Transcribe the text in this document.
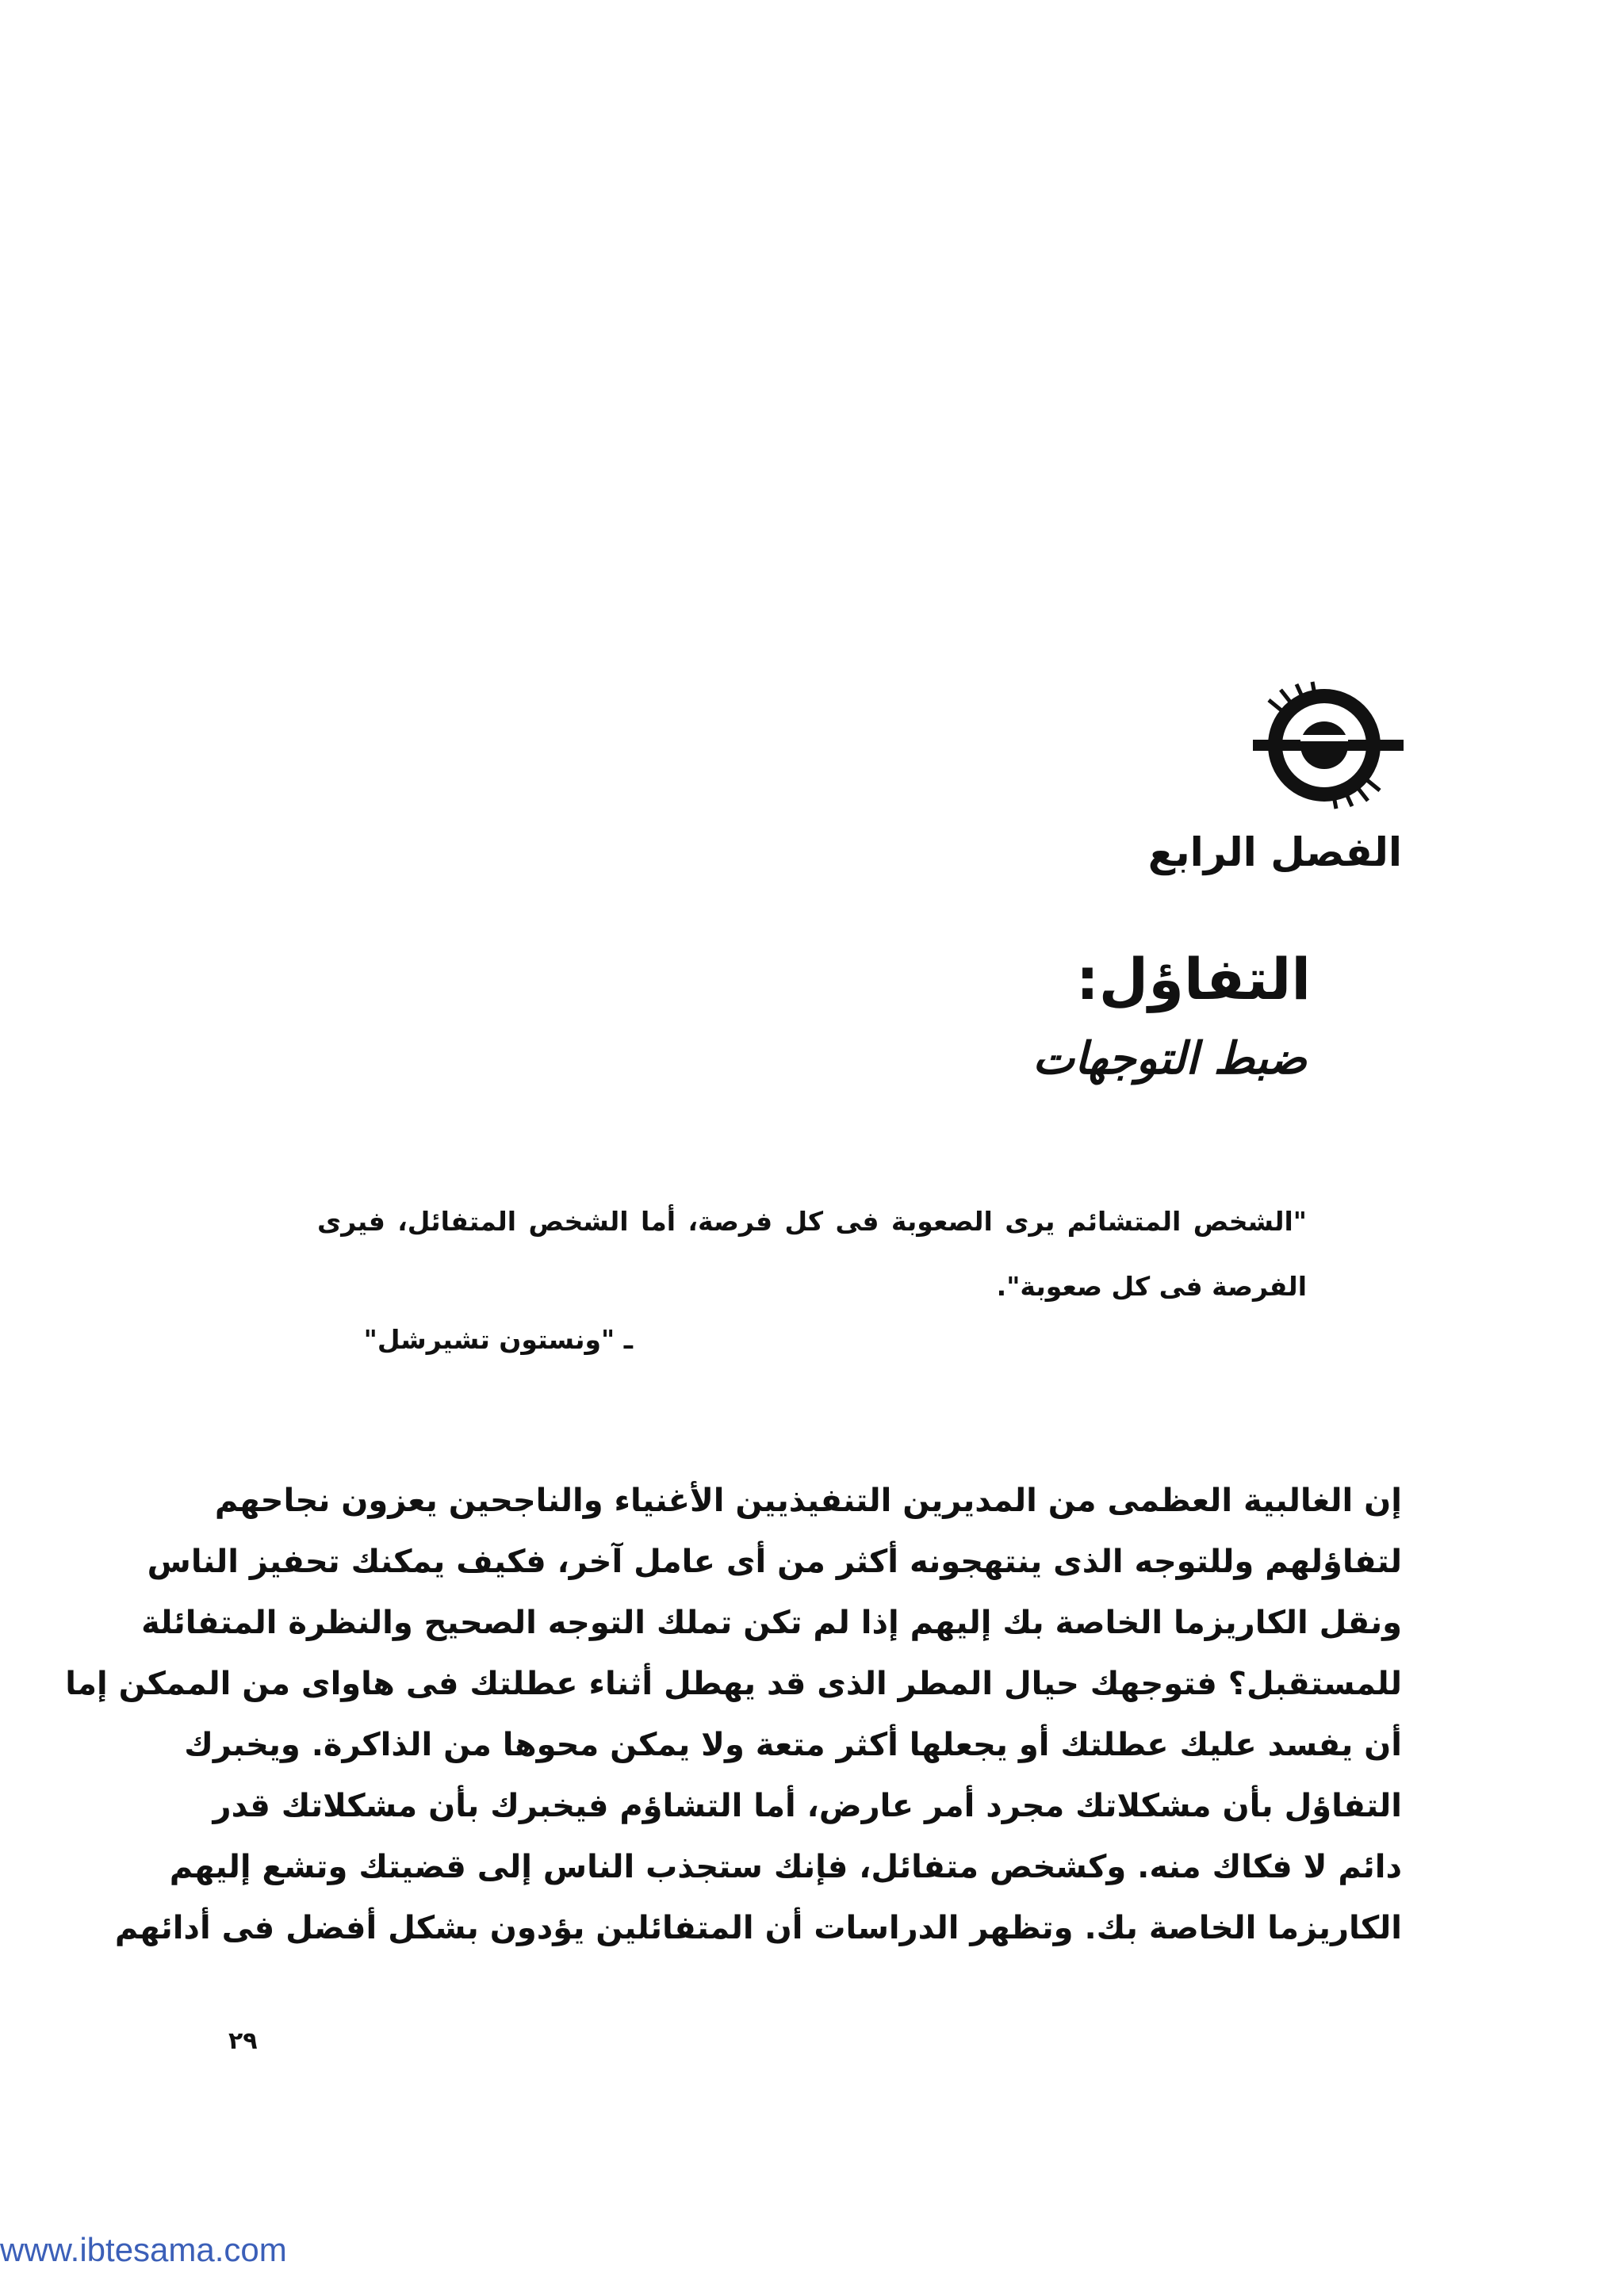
الفصل الرابع
التفاؤل:
ضبط التوجهات

"الشخص المتشائم يرى الصعوبة فى كل فرصة، أما الشخص المتفائل، فيرى الفرصة فى كل صعوبة".

ـ "ونستون تشيرشل"
إن الغالبية العظمى من المديرين التنفيذيين الأغنياء والناجحين يعزون نجاحهم
لتفاؤلهم وللتوجه الذى ينتهجونه أكثر من أى عامل آخر، فكيف يمكنك تحفيز الناس
ونقل الكاريزما الخاصة بك إليهم إذا لم تكن تملك التوجه الصحيح والنظرة المتفائلة
للمستقبل؟ فتوجهك حيال المطر الذى قد يهطل أثناء عطلتك فى هاواى من الممكن إما
أن يفسد عليك عطلتك أو يجعلها أكثر متعة ولا يمكن محوها من الذاكرة. ويخبرك
التفاؤل بأن مشكلاتك مجرد أمر عارض، أما التشاؤم فيخبرك بأن مشكلاتك قدر
دائم لا فكاك منه. وكشخص متفائل، فإنك ستجذب الناس إلى قضيتك وتشع إليهم
الكاريزما الخاصة بك. وتظهر الدراسات أن المتفائلين يؤدون بشكل أفضل فى أدائهم
٢٩
www.ibtesama.com
